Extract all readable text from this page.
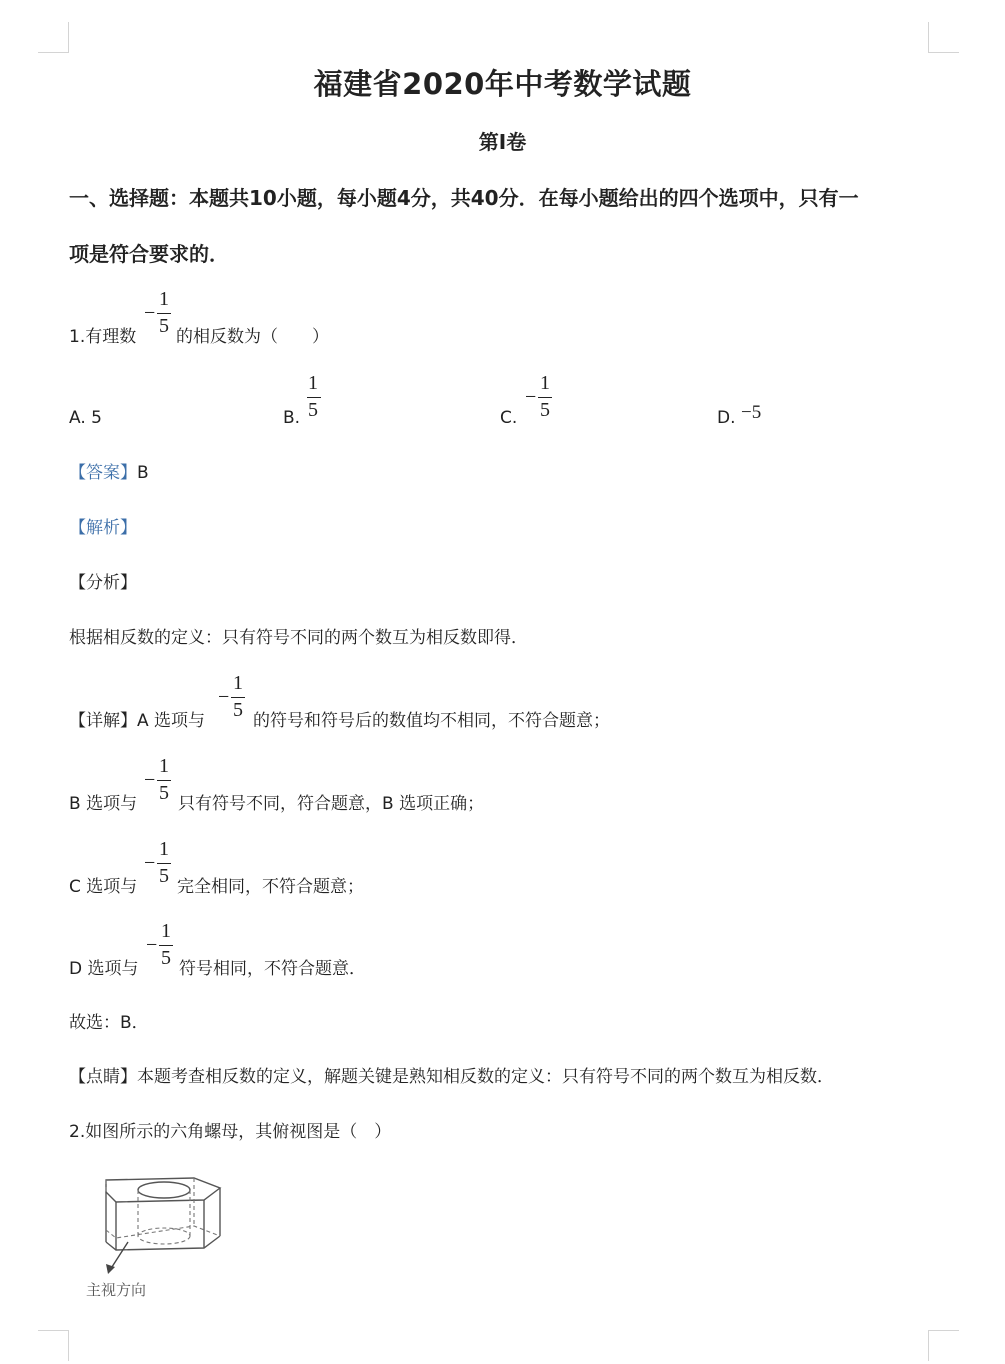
福建省2020年中考数学试题
第I卷
一、选择题：本题共10小题，每小题4分，共40分．在每小题给出的四个选项中，只有一
项是符合要求的．
1.有理数
−
1
5 的相反数为（　　）
A. 5	B.
1
5	C.
−
1
5	D. −5
【答案】B
【解析】
【分析】
根据相反数的定义：只有符号不同的两个数互为相反数即得．
【详解】A 选项与
−
1
5 的符号和符号后的数值均不相同，不符合题意；
B 选项与
−
1
5 只有符号不同，符合题意，B 选项正确；
C 选项与
−
1
5 完全相同，不符合题意；
D 选项与
−
1
5 符号相同，不符合题意．
故选：B．
【点睛】本题考查相反数的定义，解题关键是熟知相反数的定义：只有符号不同的两个数互为相反数．
2.如图所示的六角螺母，其俯视图是（　）
主视方向
